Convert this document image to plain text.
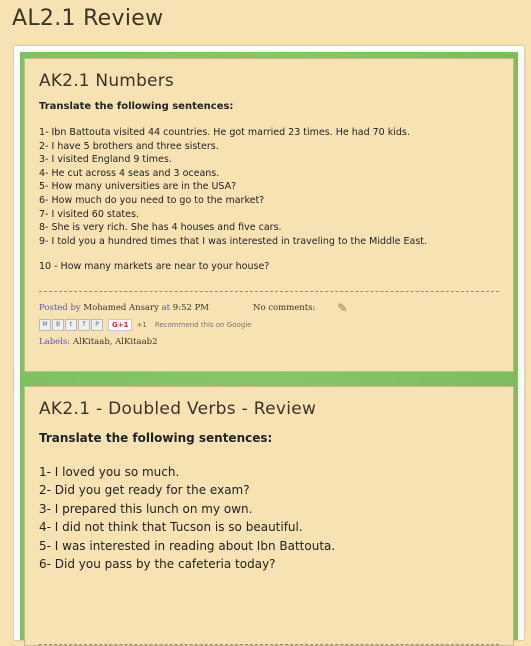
AL2.1 Review
AK2.1 Numbers

Translate the following sentences:

1- Ibn Battouta visited 44 countries. He got married 23 times. He had 70 kids.
2- I have 5 brothers and three sisters.
3- I visited England 9 times.
4- He cut across 4 seas and 3 oceans.
5- How many universities are in the USA?
6- How much do you need to go to the market?
7- I visited 60 states.
8- She is very rich. She has 4 houses and five cars.
9- I told you a hundred times that I was interested in traveling to the Middle East.
10 - How many markets are near to your house?
Posted by
Mohamed Ansary
at
9:52 PM	No comments: ✎
M	B	t	f	P	G+1	+1 Recommend this on Google
Labels: AlKitaab, AlKitaab2
AK2.1 - Doubled Verbs - Review

Translate the following sentences:

1- I loved you so much.
2- Did you get ready for the exam?
3- I prepared this lunch on my own.
4- I did not think that Tucson is so beautiful.
5- I was interested in reading about Ibn Battouta.
6- Did you pass by the cafeteria today?
